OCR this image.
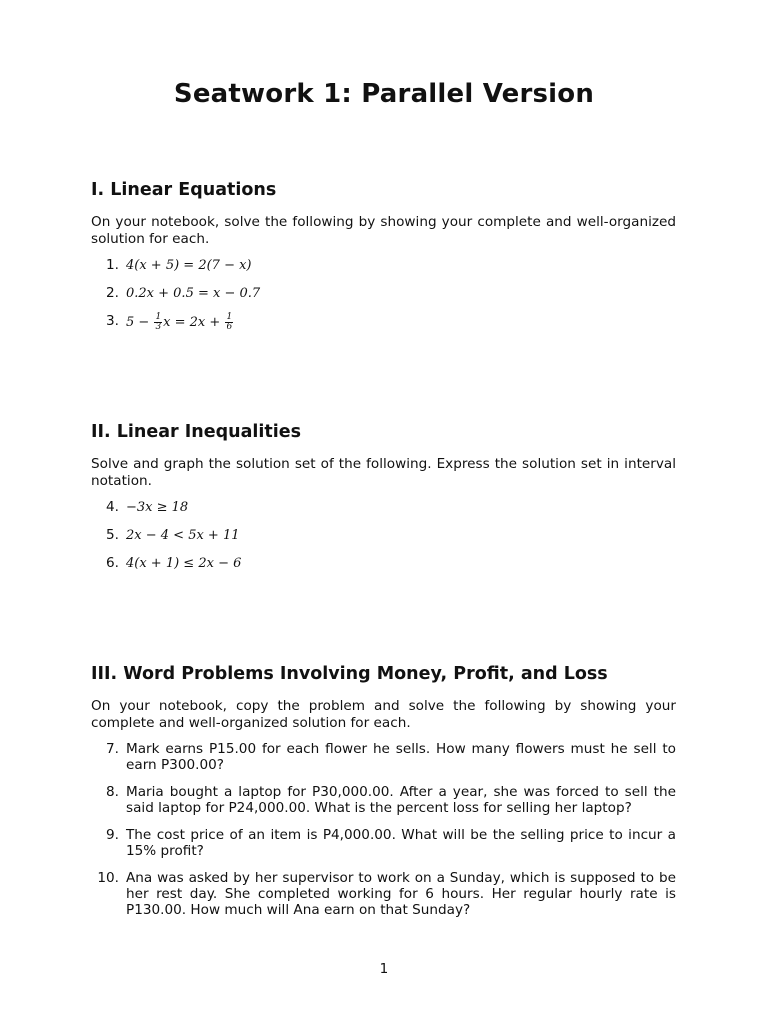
Seatwork 1: Parallel Version
I. Linear Equations
On your notebook, solve the following by showing your complete and well-organized solution for each.
1. 4(x + 5) = 2(7 − x)
2. 0.2x + 0.5 = x − 0.7
3. $5 - \frac{1}{3}$ $x = 2x + \frac{1}{6}$
II. Linear Inequalities
Solve and graph the solution set of the following. Express the solution set in interval notation.
4. −3x ≥ 18
5. 2x − 4 < 5x + 11
6. 4(x + 1) ≤ 2x − 6
III. Word Problems Involving Money, Profit, and Loss
On your notebook, copy the problem and solve the following by showing your complete and well-organized solution for each.
7. Mark earns P15.00 for each flower he sells. How many flowers must he sell to earn P300.00?
8. Maria bought a laptop for P30,000.00. After a year, she was forced to sell the said laptop for P24,000.00. What is the percent loss for selling her laptop?
9. The cost price of an item is P4,000.00. What will be the selling price to incur a 15% profit?
10. Ana was asked by her supervisor to work on a Sunday, which is supposed to be her rest day. She completed working for 6 hours. Her regular hourly rate is P130.00. How much will Ana earn on that Sunday?
1
